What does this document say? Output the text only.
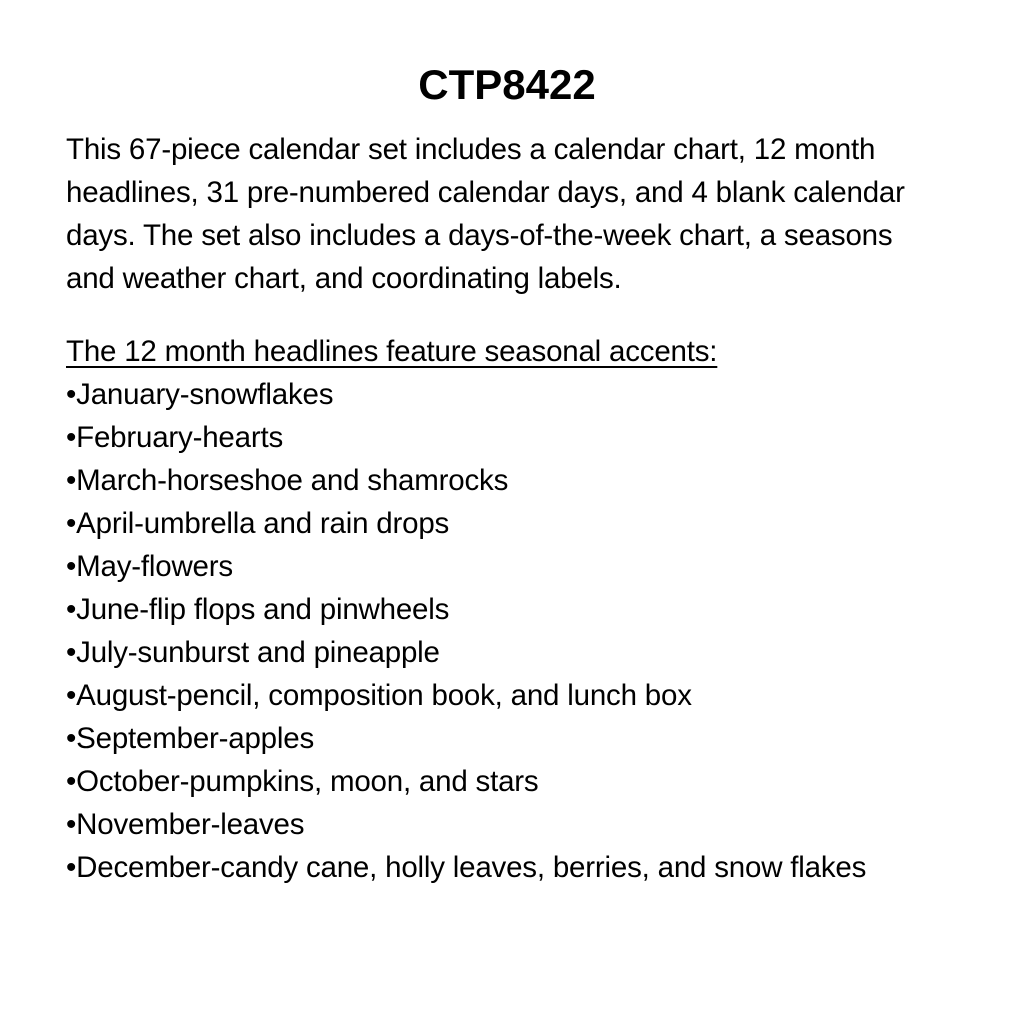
CTP8422

This 67-piece calendar set includes a calendar chart, 12 month headlines, 31 pre-numbered calendar days, and 4 blank calendar days. The set also includes a days-of-the-week chart, a seasons and weather chart, and coordinating labels.

The 12 month headlines feature seasonal accents:
•January-snowflakes
•February-hearts
•March-horseshoe and shamrocks
•April-umbrella and rain drops
•May-flowers
•June-flip flops and pinwheels
•July-sunburst and pineapple
•August-pencil, composition book, and lunch box
•September-apples
•October-pumpkins, moon, and stars
•November-leaves
•December-candy cane, holly leaves, berries, and snow flakes
